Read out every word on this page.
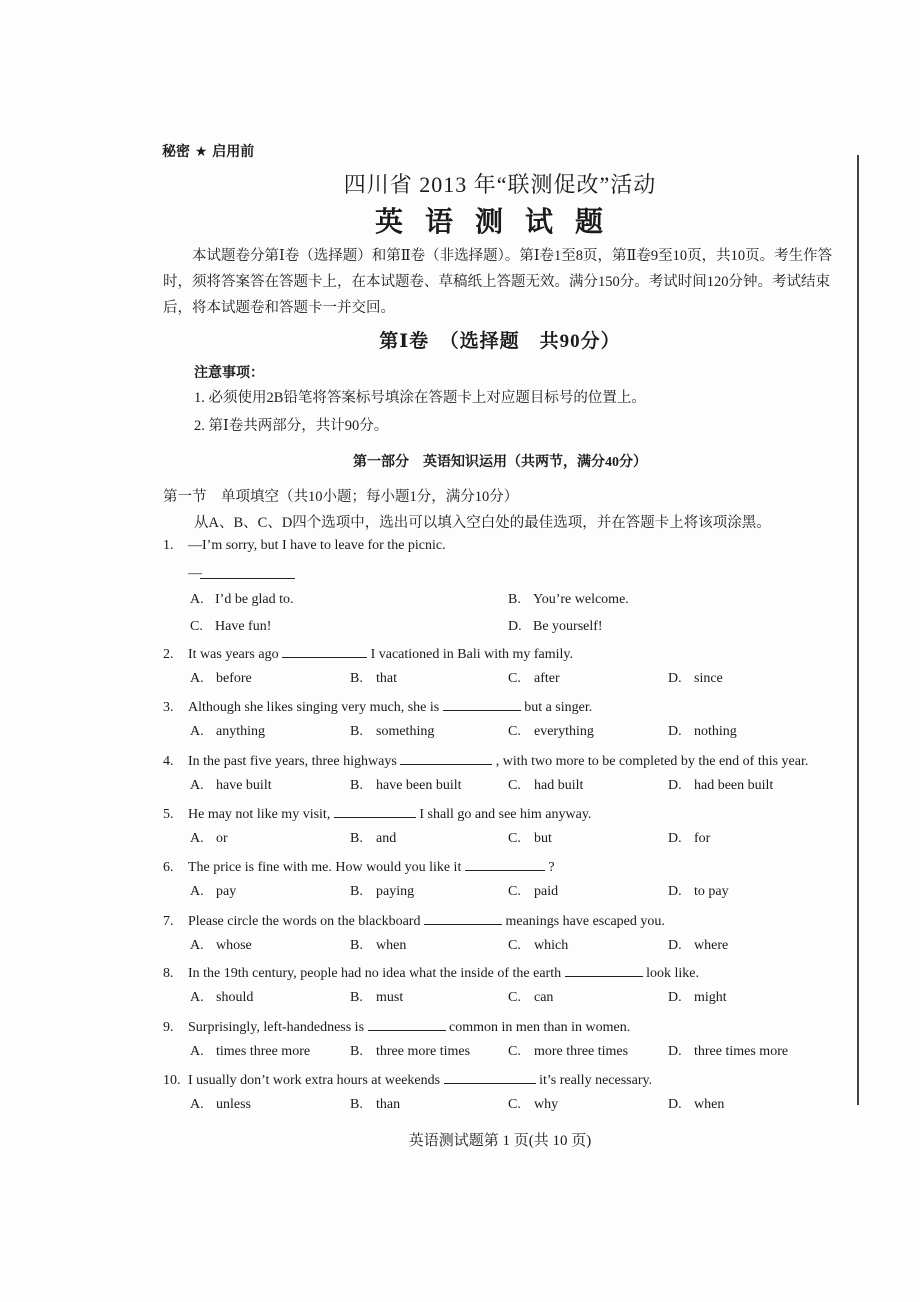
秘密 ★ 启用前
四川省 2013 年“联测促改”活动
英语测试题
本试题卷分第Ⅰ卷（选择题）和第Ⅱ卷（非选择题）。第Ⅰ卷1至8页，第Ⅱ卷9至10页，共10页。考生作答时，须将答案答在答题卡上，在本试题卷、草稿纸上答题无效。满分150分。考试时间120分钟。考试结束后，将本试题卷和答题卡一并交回。
第Ⅰ卷　（选择题　共90分）
注意事项：
1. 必须使用2B铅笔将答案标号填涂在答题卡上对应题目标号的位置上。
2. 第Ⅰ卷共两部分，共计90分。
第一部分　英语知识运用（共两节，满分40分）
第一节　单项填空（共10小题；每小题1分，满分10分）
从A、B、C、D四个选项中，选出可以填入空白处的最佳选项，并在答题卡上将该项涂黑。
1. —I’m sorry, but I have to leave for the picnic.
—
A. I’d be glad to.	B. You’re welcome.
C. Have fun!	D. Be yourself!
2. It was years ago	I vacationed in Bali with my family.
A. before	B. that	C. after	D. since
3. Although she likes singing very much, she is	but a singer.
A. anything	B. something	C. everything	D. nothing
4. In the past five years, three highways	, with two more to be completed by the end of this year.
A. have built	B. have been built	C. had built	D. had been built
5. He may not like my visit,	I shall go and see him anyway.
A. or	B. and	C. but	D. for
6. The price is fine with me. How would you like it	?
A. pay	B. paying	C. paid	D. to pay
7. Please circle the words on the blackboard	meanings have escaped you.
A. whose	B. when	C. which	D. where
8. In the 19th century, people had no idea what the inside of the earth	look like.
A. should	B. must	C. can	D. might
9. Surprisingly, left-handedness is	common in men than in women.
A. times three more	B. three more times	C. more three times	D. three times more
10. I usually don’t work extra hours at weekends	it’s really necessary.
A. unless	B. than	C. why	D. when
英语测试题第 1 页(共 10 页)
